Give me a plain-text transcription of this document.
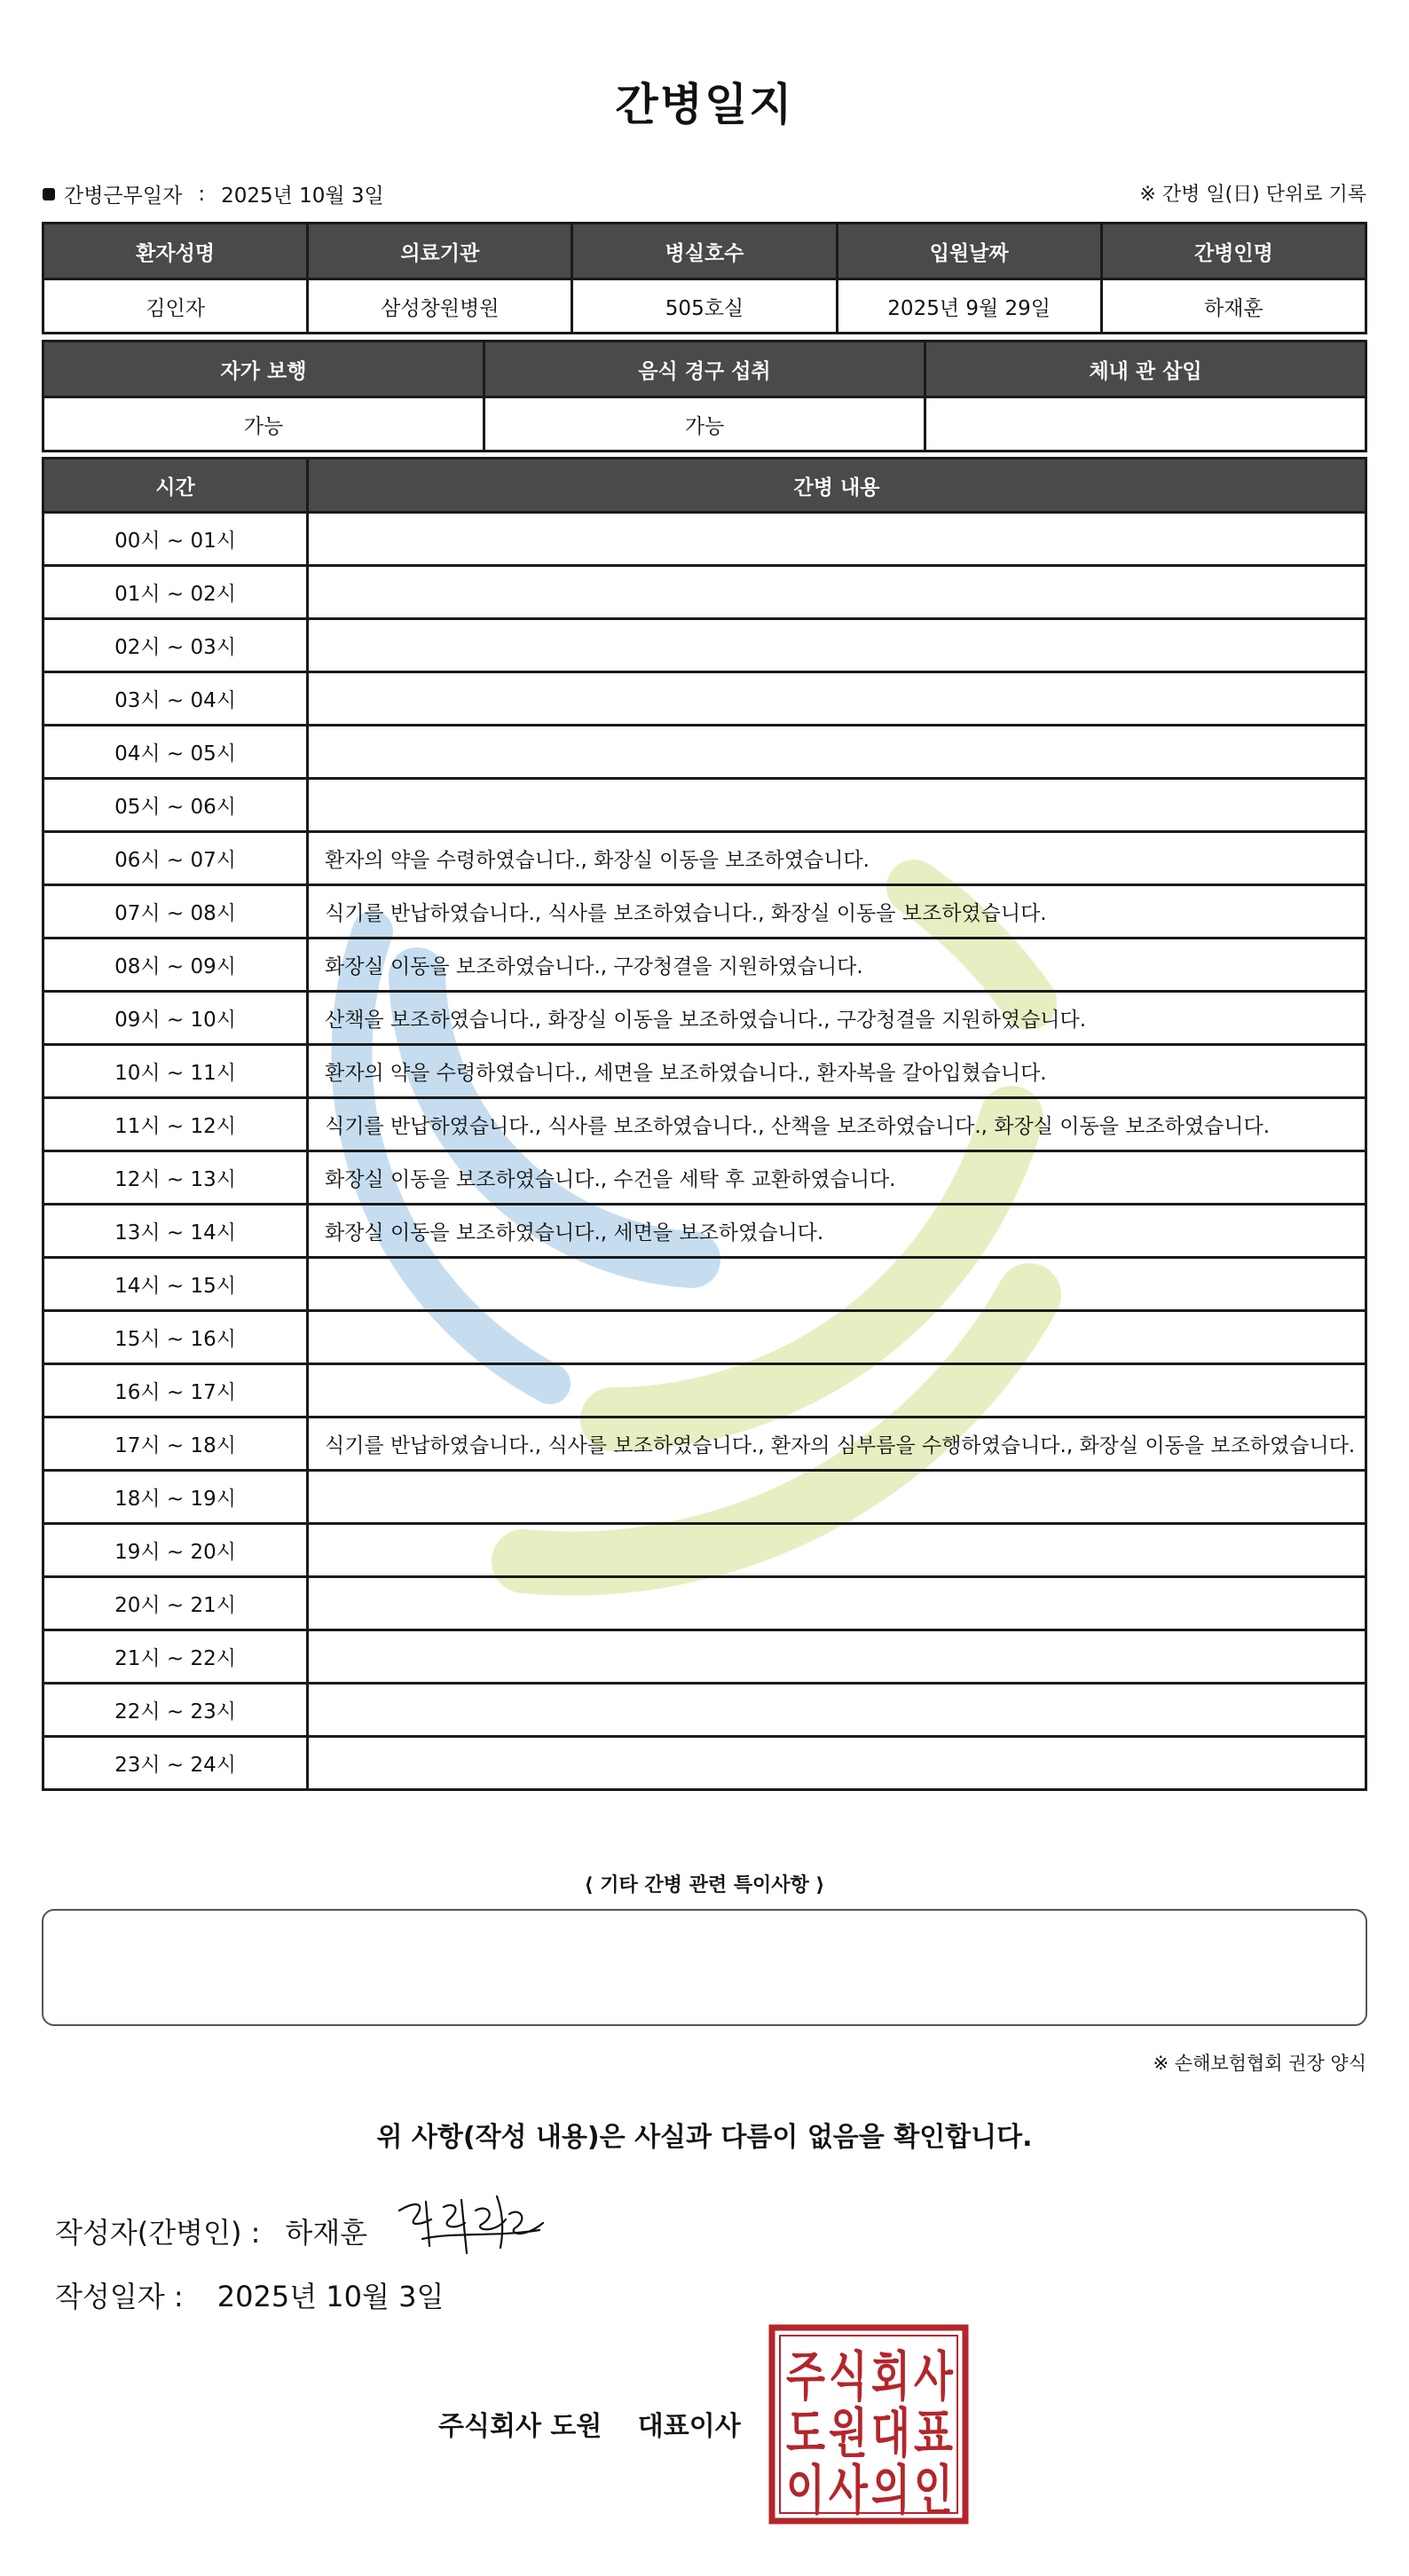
간병일지
간병근무일자 : 2025년 10월 3일	※ 간병 일(日) 단위로 기록
환자성명	의료기관	병실호수	입원날짜	간병인명
김인자	삼성창원병원	505호실	2025년 9월 29일	하재훈
자가 보행	음식 경구 섭취	체내 관 삽입
가능	가능	
시간	간병 내용
00시 ~ 01시	
01시 ~ 02시	
02시 ~ 03시	
03시 ~ 04시	
04시 ~ 05시	
05시 ~ 06시	
06시 ~ 07시	환자의 약을 수령하였습니다., 화장실 이동을 보조하였습니다.
07시 ~ 08시	식기를 반납하였습니다., 식사를 보조하였습니다., 화장실 이동을 보조하였습니다.
08시 ~ 09시	화장실 이동을 보조하였습니다., 구강청결을 지원하였습니다.
09시 ~ 10시	산책을 보조하였습니다., 화장실 이동을 보조하였습니다., 구강청결을 지원하였습니다.
10시 ~ 11시	환자의 약을 수령하였습니다., 세면을 보조하였습니다., 환자복을 갈아입혔습니다.
11시 ~ 12시	식기를 반납하였습니다., 식사를 보조하였습니다., 산책을 보조하였습니다., 화장실 이동을 보조하였습니다.
12시 ~ 13시	화장실 이동을 보조하였습니다., 수건을 세탁 후 교환하였습니다.
13시 ~ 14시	화장실 이동을 보조하였습니다., 세면을 보조하였습니다.
14시 ~ 15시	
15시 ~ 16시	
16시 ~ 17시	
17시 ~ 18시	식기를 반납하였습니다., 식사를 보조하였습니다., 환자의 심부름을 수행하였습니다., 화장실 이동을 보조하였습니다.
18시 ~ 19시	
19시 ~ 20시	
20시 ~ 21시	
21시 ~ 22시	
22시 ~ 23시	
23시 ~ 24시	
⟨ 기타 간병 관련 특이사항 ⟩
※ 손해보험협회 권장 양식
위 사항(작성 내용)은 사실과 다름이 없음을 확인합니다.
작성자(간병인) : 하재훈
작성일자 : 2025년 10월 3일
주식회사 도원 대표이사
주 식 회 사
도 원 대 표
이 사 의 인
